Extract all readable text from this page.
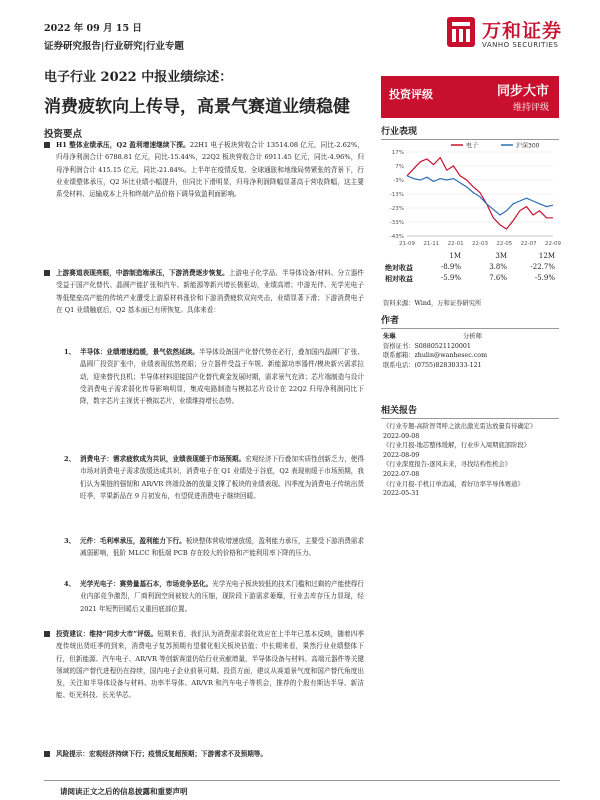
2022 年 09 月 15 日
证券研究报告|行业研究|行业专题
万和证券
VANHO SECURITIES
电子行业 2022 中报业绩综述：
消费疲软向上传导，高景气赛道业绩稳健
投资评级	同步大市
维持评级
投资要点
H1 整体业绩承压，Q2 盈利增速继续下探。22H1 电子板块营收合计 13514.08 亿元，同比-2.62%，归母净利润合计 6788.81 亿元，同比-15.44%，22Q2 板块营收合计 6911.45 亿元，同比-4.96%，归母净利润合计 415.15 亿元，同比-21.84%。上半年在疫情反复、全球通胀和地缘局势紧张的背景下，行业业绩整体承压，Q2 环比业绩小幅提升，但同比下滑明显，归母净利润降幅显著高于营收降幅，这主要系受材料、运输成本上升和终端产品价格下调导致盈利面影响。
上游赛道表现亮眼，中游制造端承压，下游消费逐步恢复。上游电子化学品、半导体设备/材料、分立器件受益于国产化替代、晶圆产能扩张和汽车、新能源等新兴增长极驱动，业绩高增；中游光伴、光学光电子等低壁垒高产能的传统产业遭受上游原材料涨价和下游消费疲软双向夹击，业绩显著下滑；下游消费电子在 Q1 业绩触底后，Q2 基本面已有所恢复。具体来看：
1、 半导体：业绩增速趋缓，景气依然延续。半导体设备国产化替代势在必行，叠加国内晶圆厂扩张、晶圆厂投资扩张中，业绩表现依然亮眼；分立器件受益于车规、新能源功率器件/模块新兴需求拉动，迎来替代良机；半导体材料迎接国产化替代黄金发展时期，需求景气充沛；芯片端制造与设计受消费电子需求弱化传导影响明显，集成电路制造与模拟芯片设计在 22Q2 归母净利润同比下降，数字芯片主视优于模拟芯片，业绩维持增长态势。
2、 消费电子：需求疲软成为共识，业绩表现缓于市场预期。宏观经济下行叠加实质性创新乏力，使得市场对消费电子需求放缓达成共识，消费电子在 Q1 业绩处于谷底，Q2 表现则缓于市场预期，我们认为果链的强韧和 AR/VR 终端设备的放量支撑了板块的业绩表现。四季度为消费电子传统出货旺季，苹果新品在 9 月初发布，有望促进消费电子继续回暖。
3、 元件：毛利率承压，盈利能力下行。板块整体营收增速放缓，盈利能力承压，主要受下游消费需求减弱影响，低阶 MLCC 和低端 PCB 存在较大的价格和产能利用率下降的压力。
4、 光学光电子：赛势量基石本，市场竞争恶化。光学光电子板块较低的技术门槛和过剩的产能使得行业内部竞争激烈，厂商利润空间被较大的压缩，现阶段下游需求萎靡，行业去库存压力显现，经 2021 年短暂回暖后又重回底部位置。
投资建议：维持“同步大市”评级。短期来看，我们认为消费需求弱化效应在上半年已基本反映，随着四季度传统出货旺季的到来，消费电子复苏预期有望催化相关板块估值；中长期来看，果然行业业绩整体下行，但新能源、汽车电子、AR/VR 等创新赛道仍给行业贡献增量，半导体设备与材料、高端元器件等关键领域的国产替代进程仍在持续，国内电子企业前景可期。投资方面，建议从赛道景气度和国产替代角度出发，关注如半导体设备与材料、功率半导体、AR/VR 和汽车电子等机会，推荐的个股有斯达半导、新洁能、炬光科技、长光华芯。
风险提示：宏观经济持续下行；疫情反复超预期；下游需求不及预期等。
行业表现
电子	沪深300
17%
7%
-3%
-13%
-23%
-33%
-43%
21-09 21-11 22-01 22-03 22-05 22-07 22-09
1M	3M	12M
绝对收益	-8.9%	3.8%	-22.7%
相对收益	-5.9%	7.6%	-5.9%
资料来源：Wind，万和证券研究所
作者
朱琳	分析师
资格证书：S0880521120001
联系邮箱：zhulin@wanhesec.com
联系电话：(0755)82830333-121
相关报告
《行业专题-高阶智驾呼之欲出激光雷达放量有待确定》
2022-09-08
《行业月报-地芯整体缓解，行业步入周期底部阶段》
2022-08-09
《行业深度报告-逐风未来，寻找结构性机会》
2022-07-08
《行业月报-手机订单消减，看好功率半导体赛道》
2022-05-31
请阅读正文之后的信息披露和重要声明
